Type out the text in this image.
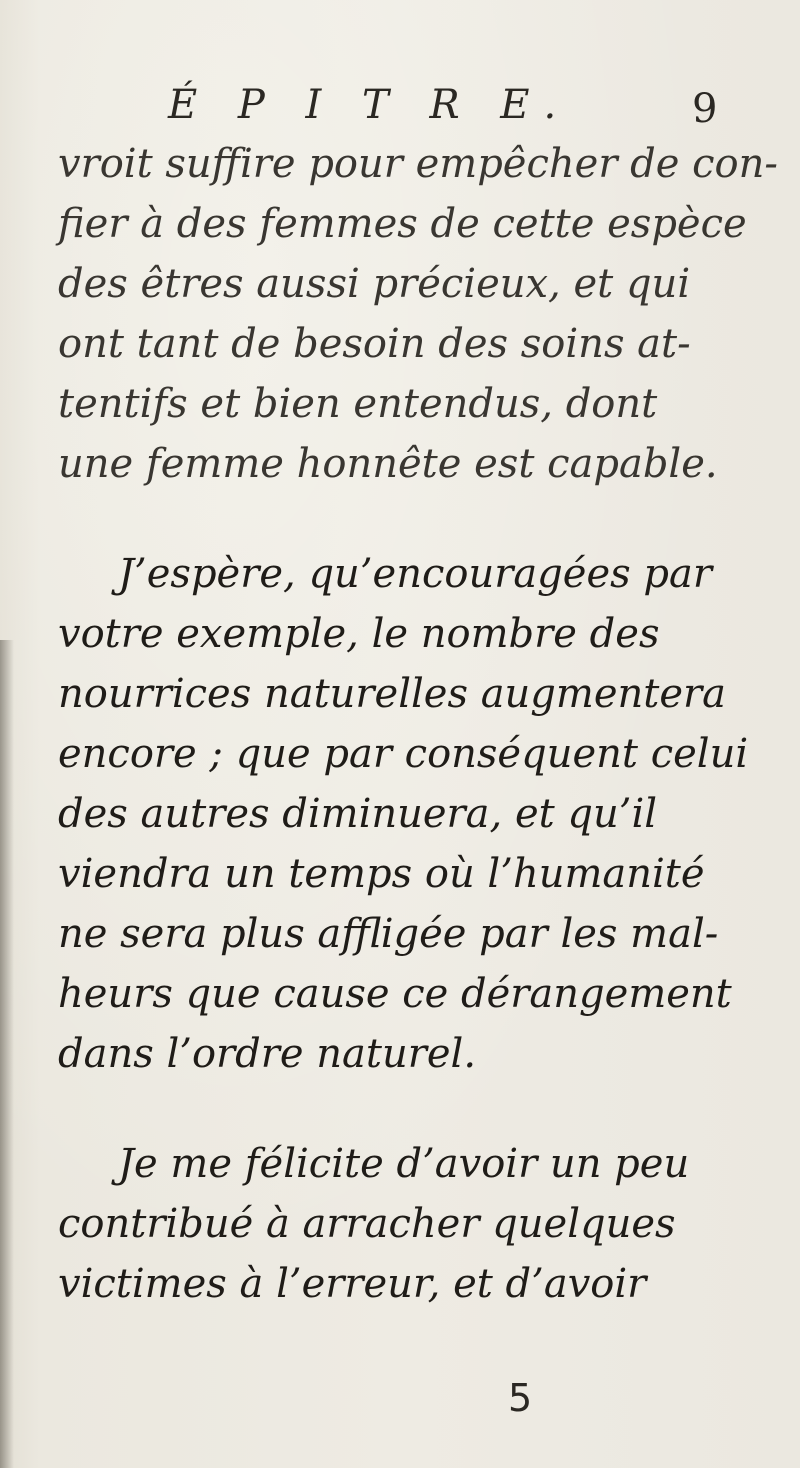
É P I T R E.	9
vroit suffire pour empêcher de con-
fier à des femmes de cette espèce
des êtres aussi précieux, et qui
ont tant de besoin des soins at-
tentifs et bien entendus, dont
une femme honnête est capable.
J’espère, qu’encouragées par
votre exemple, le nombre des
nourrices naturelles augmentera
encore ; que par conséquent celui
des autres diminuera, et qu’il
viendra un temps où l’humanité
ne sera plus affligée par les mal-
heurs que cause ce dérangement
dans l’ordre naturel.
Je me félicite d’avoir un peu
contribué à arracher quelques
victimes à l’erreur, et d’avoir
5
